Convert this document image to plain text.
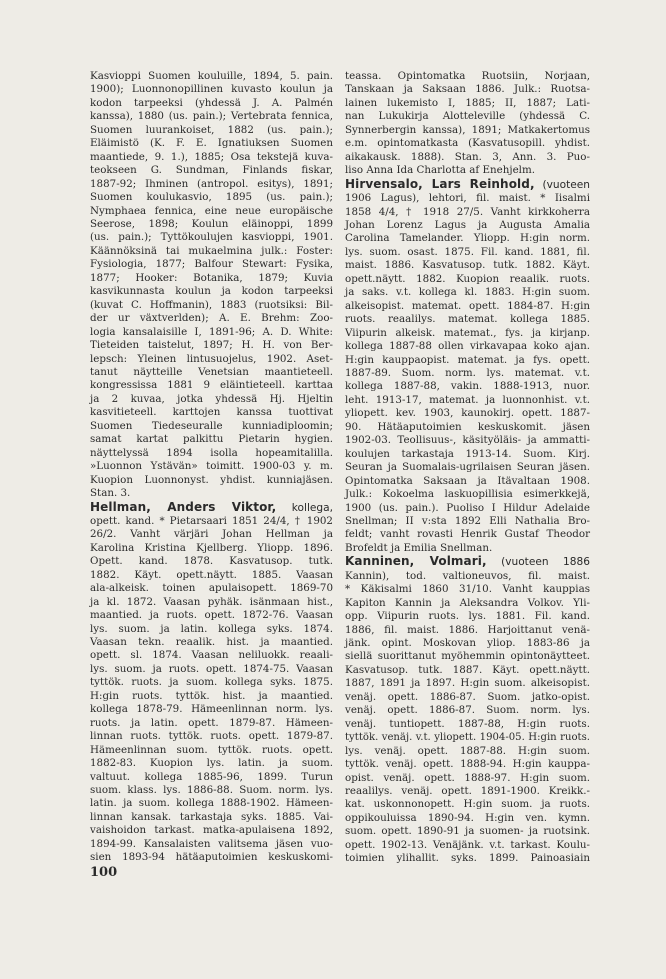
Kasvioppi Suomen kouluille, 1894, 5. pain.
1900); Luonnonopillinen kuvasto koulun ja
kodon tarpeeksi (yhdessä J. A. Palmén
kanssa), 1880 (us. pain.); Vertebrata fennica,
Suomen luurankoiset, 1882 (us. pain.);
Eläimistö (K. F. E. Ignatiuksen Suomen
maantiede, 9. 1.), 1885; Osa tekstejä kuva-
teokseen G. Sundman, Finlands fiskar,
1887-92; Ihminen (antropol. esitys), 1891;
Suomen koulukasvio, 1895 (us. pain.);
Nymphaea fennica, eine neue europäische
Seerose, 1898; Koulun eläinoppi, 1899
(us. pain.); Tyttökoulujen kasvioppi, 1901.
Käännöksinä tai mukaelmina julk.: Foster:
Fysiologia, 1877; Balfour Stewart: Fysika,
1877; Hooker: Botanika, 1879; Kuvia
kasvikunnasta koulun ja kodon tarpeeksi
(kuvat C. Hoffmanin), 1883 (ruotsiksi: Bil-
der ur växtverlden); A. E. Brehm: Zoo-
logia kansalaisille I, 1891-96; A. D. White:
Tieteiden taistelut, 1897; H. H. von Ber-
lepsch: Yleinen lintusuojelus, 1902. Aset-
tanut näytteille Venetsian maantieteell.
kongressissa 1881 9 eläintieteell. karttaa
ja 2 kuvaa, jotka yhdessä Hj. Hjeltin
kasvitieteell. karttojen kanssa tuottivat
Suomen Tiedeseuralle kunniadiploomin;
samat kartat palkittu Pietarin hygien.
näyttelyssä 1894 isolla hopeamitalilla.
»Luonnon Ystävän» toimitt. 1900-03 y. m.
Kuopion Luonnonyst. yhdist. kunniajäsen.
Stan. 3.
Hellman, Anders Viktor, kollega,
opett. kand. * Pietarsaari 1851 24/4, † 1902
26/2. Vanht värjäri Johan Hellman ja
Karolina Kristina Kjellberg. Yliopp. 1896.
Opett. kand. 1878. Kasvatusop. tutk.
1882. Käyt. opett.näytt. 1885. Vaasan
ala-alkeisk. toinen apulaisopett. 1869-70
ja kl. 1872. Vaasan pyhäk. isänmaan hist.,
maantied. ja ruots. opett. 1872-76. Vaasan
lys. suom. ja latin. kollega syks. 1874.
Vaasan tekn. reaalik. hist. ja maantied.
opett. sl. 1874. Vaasan neliluokk. reaali-
lys. suom. ja ruots. opett. 1874-75. Vaasan
tyttök. ruots. ja suom. kollega syks. 1875.
H:gin ruots. tyttök. hist. ja maantied.
kollega 1878-79. Hämeenlinnan norm. lys.
ruots. ja latin. opett. 1879-87. Hämeen-
linnan ruots. tyttök. ruots. opett. 1879-87.
Hämeenlinnan suom. tyttök. ruots. opett.
1882-83. Kuopion lys. latin. ja suom.
valtuut. kollega 1885-96, 1899. Turun
suom. klass. lys. 1886-88. Suom. norm. lys.
latin. ja suom. kollega 1888-1902. Hämeen-
linnan kansak. tarkastaja syks. 1885. Vai-
vaishoidon tarkast. matka-apulaisena 1892,
1894-99. Kansalaisten valitsema jäsen vuo-
sien 1893-94 hätäaputoimien keskuskomi-
teassa. Opintomatka Ruotsiin, Norjaan,
Tanskaan ja Saksaan 1886. Julk.: Ruotsa-
lainen lukemisto I, 1885; II, 1887; Lati-
nan Lukukirja Alotteleville (yhdessä C.
Synnerbergin kanssa), 1891; Matkakertomus
e.m. opintomatkasta (Kasvatusopill. yhdist.
aikakausk. 1888). Stan. 3, Ann. 3. Puo-
liso Anna Ida Charlotta af Enehjelm.
Hirvensalo, Lars Reinhold, (vuoteen
1906 Lagus), lehtori, fil. maist. * Iisalmi
1858 4/4, † 1918 27/5. Vanht kirkkoherra
Johan Lorenz Lagus ja Augusta Amalia
Carolina Tamelander. Yliopp. H:gin norm.
lys. suom. osast. 1875. Fil. kand. 1881, fil.
maist. 1886. Kasvatusop. tutk. 1882. Käyt.
opett.näytt. 1882. Kuopion reaalik. ruots.
ja saks. v.t. kollega kl. 1883. H:gin suom.
alkeisopist. matemat. opett. 1884-87. H:gin
ruots. reaalilys. matemat. kollega 1885.
Viipurin alkeisk. matemat., fys. ja kirjanp.
kollega 1887-88 ollen virkavapaa koko ajan.
H:gin kauppaopist. matemat. ja fys. opett.
1887-89. Suom. norm. lys. matemat. v.t.
kollega 1887-88, vakin. 1888-1913, nuor.
leht. 1913-17, matemat. ja luonnonhist. v.t.
yliopett. kev. 1903, kaunokirj. opett. 1887-
90. Hätäaputoimien keskuskomit. jäsen
1902-03. Teollisuus-, käsityöläis- ja ammatti-
koulujen tarkastaja 1913-14. Suom. Kirj.
Seuran ja Suomalais-ugrilaisen Seuran jäsen.
Opintomatka Saksaan ja Itävaltaan 1908.
Julk.: Kokoelma laskuopillisia esimerkkejä,
1900 (us. pain.). Puoliso I Hildur Adelaide
Snellman; II v:sta 1892 Elli Nathalia Bro-
feldt; vanht rovasti Henrik Gustaf Theodor
Brofeldt ja Emilia Snellman.
Kanninen, Volmari, (vuoteen 1886
Kannin), tod. valtioneuvos, fil. maist.
* Käkisalmi 1860 31/10. Vanht kauppias
Kapiton Kannin ja Aleksandra Volkov. Yli-
opp. Viipurin ruots. lys. 1881. Fil. kand.
1886, fil. maist. 1886. Harjoittanut venä-
jänk. opint. Moskovan yliop. 1883-86 ja
siellä suorittanut myöhemmin opintonäytteet.
Kasvatusop. tutk. 1887. Käyt. opett.näytt.
1887, 1891 ja 1897. H:gin suom. alkeisopist.
venäj. opett. 1886-87. Suom. jatko-opist.
venäj. opett. 1886-87. Suom. norm. lys.
venäj. tuntiopett. 1887-88, H:gin ruots.
tyttök. venäj. v.t. yliopett. 1904-05. H:gin ruots.
lys. venäj. opett. 1887-88. H:gin suom.
tyttök. venäj. opett. 1888-94. H:gin kauppa-
opist. venäj. opett. 1888-97. H:gin suom.
reaalilys. venäj. opett. 1891-1900. Kreikk.-
kat. uskonnonopett. H:gin suom. ja ruots.
oppikouluissa 1890-94. H:gin ven. kymn.
suom. opett. 1890-91 ja suomen- ja ruotsink.
opett. 1902-13. Venäjänk. v.t. tarkast. Koulu-
toimien ylihallit. syks. 1899. Painoasiain
100
